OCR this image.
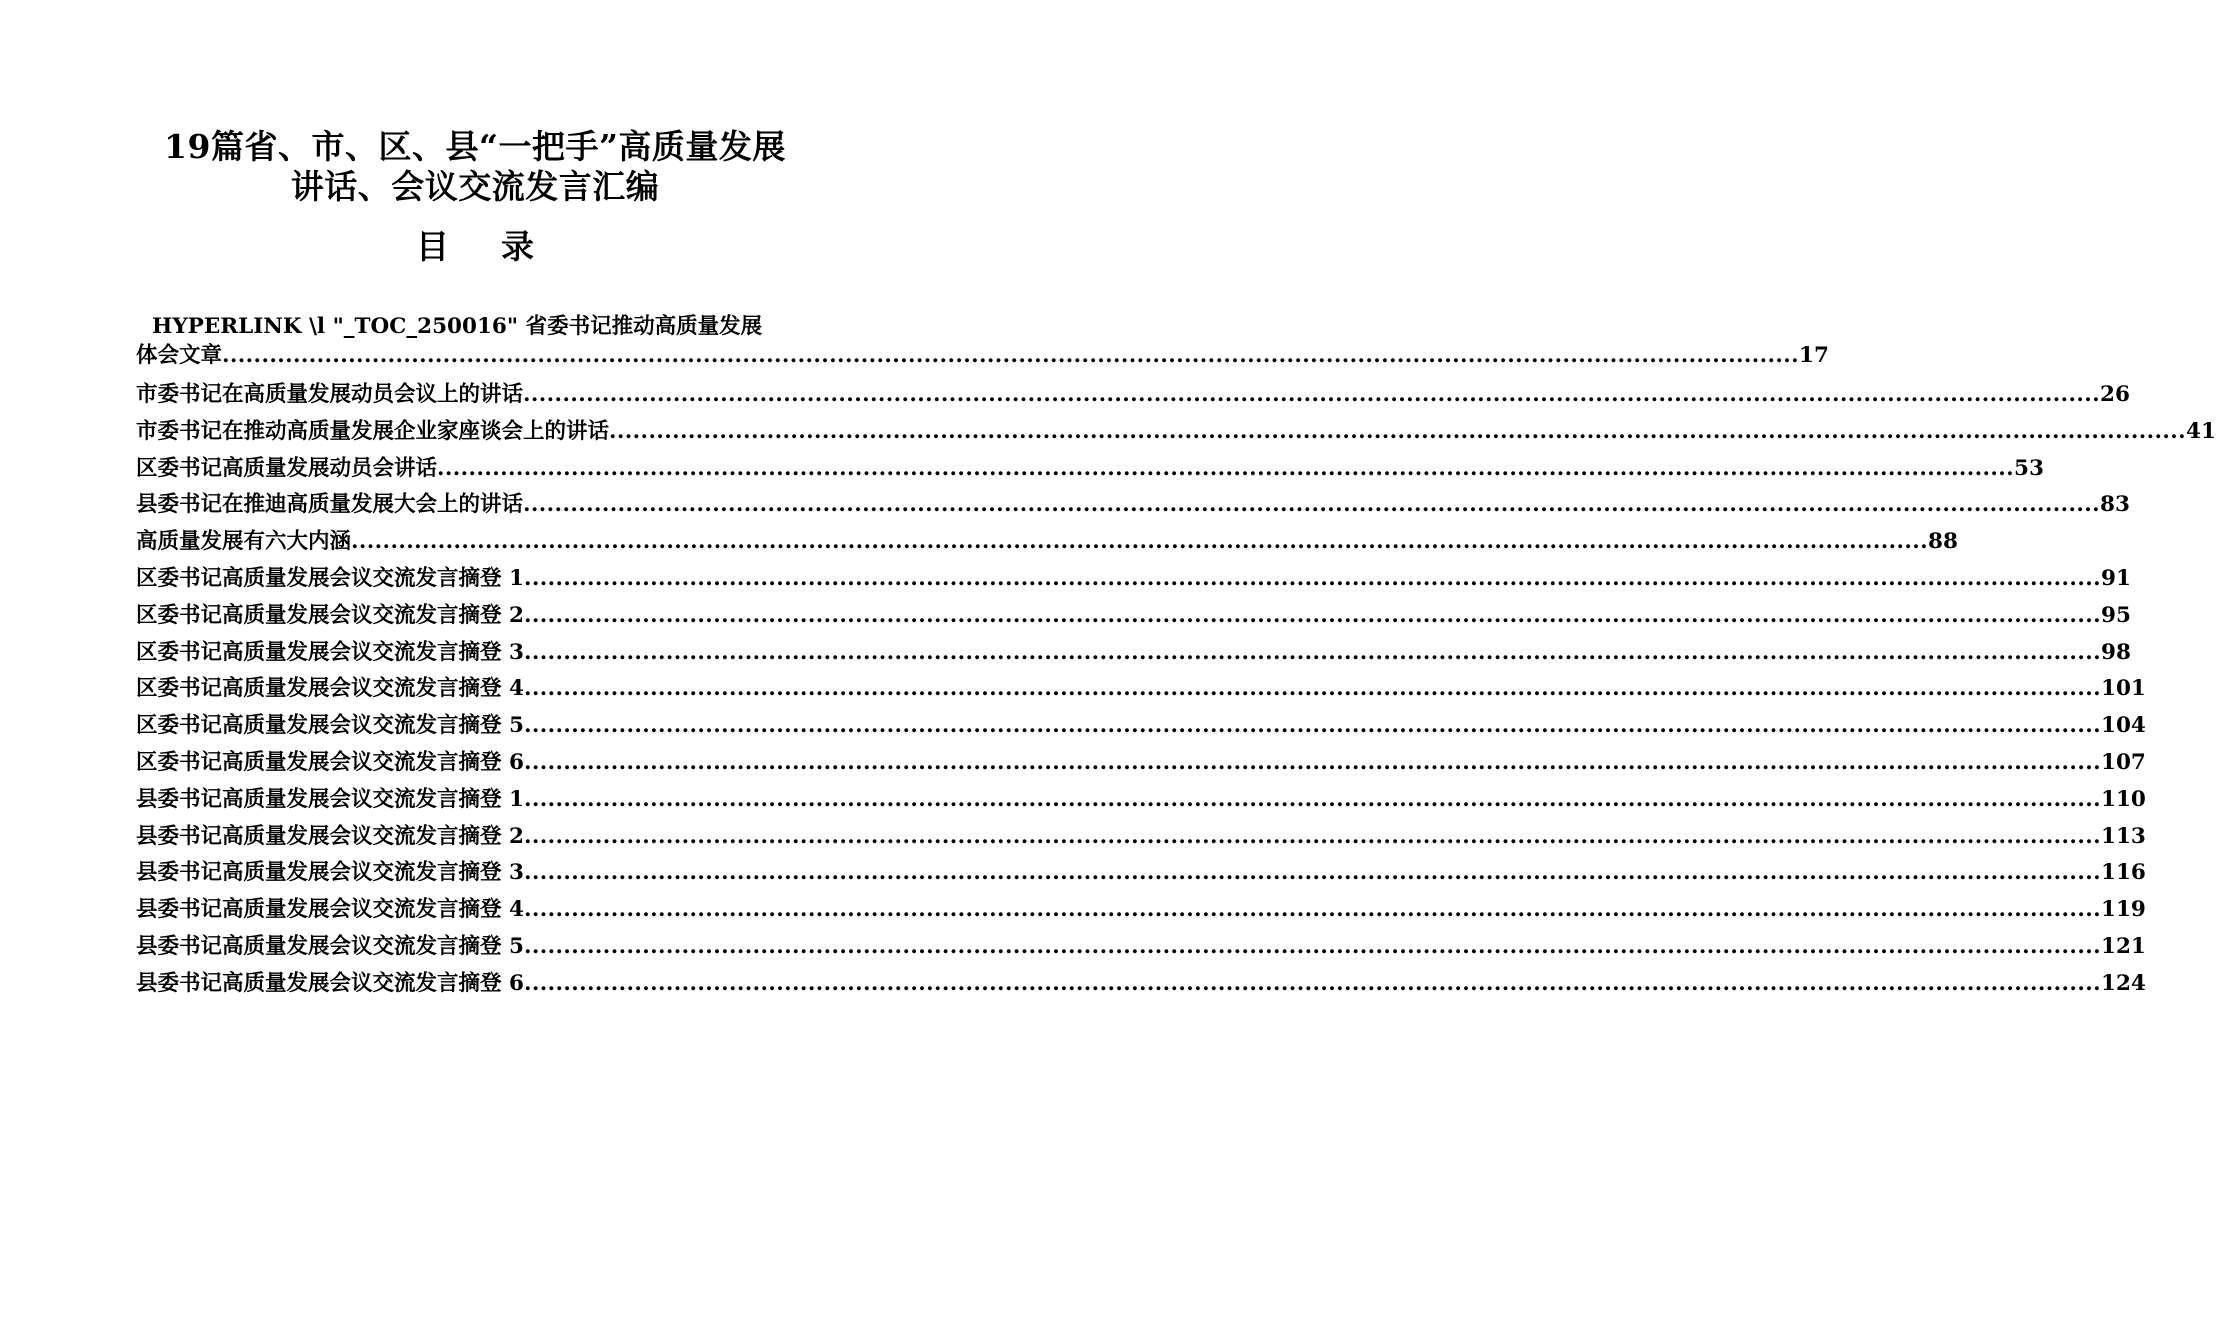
19篇省、市、区、县“一把手”高质量发展
讲话、会议交流发言汇编
目 录
HYPERLINK \l "_TOC_250016" 省委书记推动高质量发展
体会文章 ........................................................................................................................................................................................................ 17
市委书记在高质量发展动员会议上的讲话 ........................................................................................................................................................................................................ 26
市委书记在推动高质量发展企业家座谈会上的讲话 ........................................................................................................................................................................................................ 41
区委书记高质量发展动员会讲话 ........................................................................................................................................................................................................ 53
县委书记在推迪高质量发展大会上的讲话 ........................................................................................................................................................................................................ 83
高质量发展有六大内涵 ........................................................................................................................................................................................................ 88
区委书记高质量发展会议交流发言摘登 1 ........................................................................................................................................................................................................ 91
区委书记高质量发展会议交流发言摘登 2 ........................................................................................................................................................................................................ 95
区委书记高质量发展会议交流发言摘登 3 ........................................................................................................................................................................................................ 98
区委书记高质量发展会议交流发言摘登 4 ........................................................................................................................................................................................................ 101
区委书记高质量发展会议交流发言摘登 5 ........................................................................................................................................................................................................ 104
区委书记高质量发展会议交流发言摘登 6 ........................................................................................................................................................................................................ 107
县委书记高质量发展会议交流发言摘登 1 ........................................................................................................................................................................................................ 110
县委书记高质量发展会议交流发言摘登 2 ........................................................................................................................................................................................................ 113
县委书记高质量发展会议交流发言摘登 3 ........................................................................................................................................................................................................ 116
县委书记高质量发展会议交流发言摘登 4 ........................................................................................................................................................................................................ 119
县委书记高质量发展会议交流发言摘登 5 ........................................................................................................................................................................................................ 121
县委书记高质量发展会议交流发言摘登 6 ........................................................................................................................................................................................................ 124
